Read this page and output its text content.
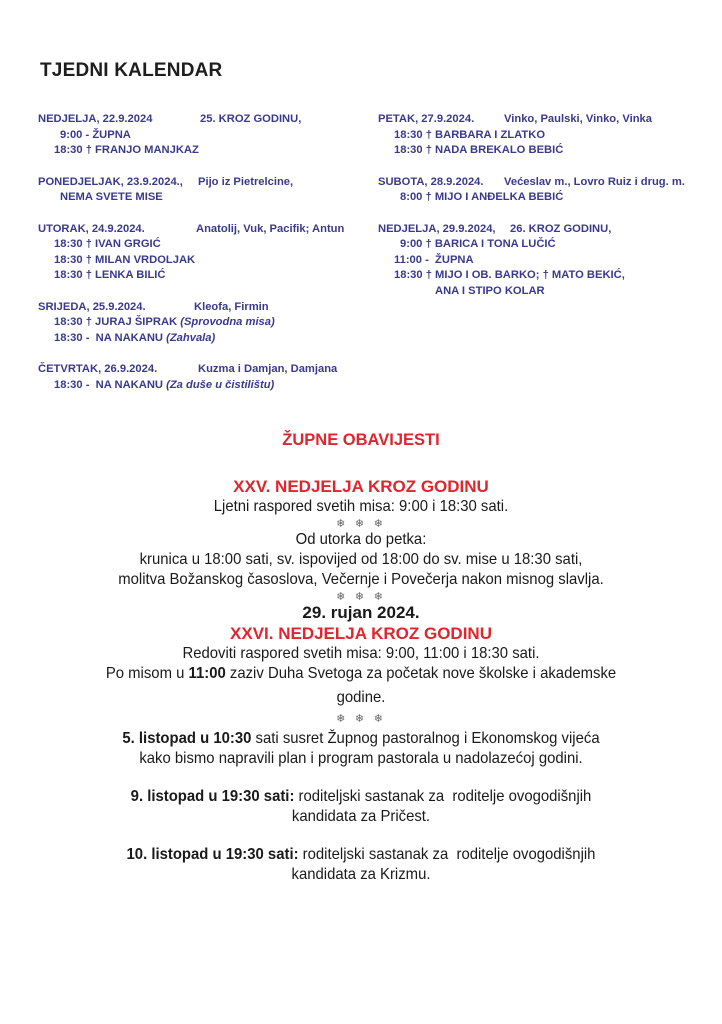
TJEDNI KALENDAR
NEDJELJA, 22.9.2024	25. KROZ GODINU,
9:00 - ŽUPNA
18:30 † FRANJO MANJKAZ
PONEDJELJAK, 23.9.2024., Pijo iz Pietrelcine,
NEMA SVETE MISE
UTORAK, 24.9.2024.	Anatolij, Vuk, Pacifik; Antun
18:30 † IVAN GRGIĆ
18:30 † MILAN VRDOLJAK
18:30 † LENKA BILIĆ
SRIJEDA, 25.9.2024.	Kleofa, Firmin
18:30 † JURAJ ŠIPRAK (Sprovodna misa)
18:30 -  NA NAKANU (Zahvala)
ČETVRTAK, 26.9.2024.	Kuzma i Damjan, Damjana
18:30 -  NA NAKANU (Za duše u čistilištu)
PETAK, 27.9.2024.	Vinko, Paulski, Vinko, Vinka
18:30 † BARBARA I ZLATKO
18:30 † NADA BREKALO BEBIĆ
SUBOTA, 28.9.2024. Većeslav m., Lovro Ruiz i drug. m.
8:00 † MIJO I ANĐELKA BEBIĆ
NEDJELJA, 29.9.2024, 26. KROZ GODINU,
9:00 † BARICA I TONA LUČIĆ
11:00 -  ŽUPNA
18:30 † MIJO I OB. BARKO; † MATO BEKIĆ,
ANA I STIPO KOLAR
ŽUPNE OBAVIJESTI
XXV. NEDJELJA KROZ GODINU
Ljetni raspored svetih misa: 9:00 i 18:30 sati.
❄ ❄ ❄
Od utorka do petka:
krunica u 18:00 sati, sv. ispovijed od 18:00 do sv. mise u 18:30 sati,
molitva Božanskog časoslova, Večernje i Povečerja nakon misnog slavlja.
❄ ❄ ❄
29. rujan 2024.
XXVI. NEDJELJA KROZ GODINU
Redoviti raspored svetih misa: 9:00, 11:00 i 18:30 sati.
Po misom u 11:00 zaziv Duha Svetoga za početak nove školske i akademske
godine.
❄ ❄ ❄
5. listopad u 10:30 sati susret Župnog pastoralnog i Ekonomskog vijeća
kako bismo napravili plan i program pastorala u nadolazećoj godini.
9. listopad u 19:30 sati: roditeljski sastanak za  roditelje ovogodišnjih
kandidata za Pričest.
10. listopad u 19:30 sati: roditeljski sastanak za  roditelje ovogodišnjih
kandidata za Krizmu.
